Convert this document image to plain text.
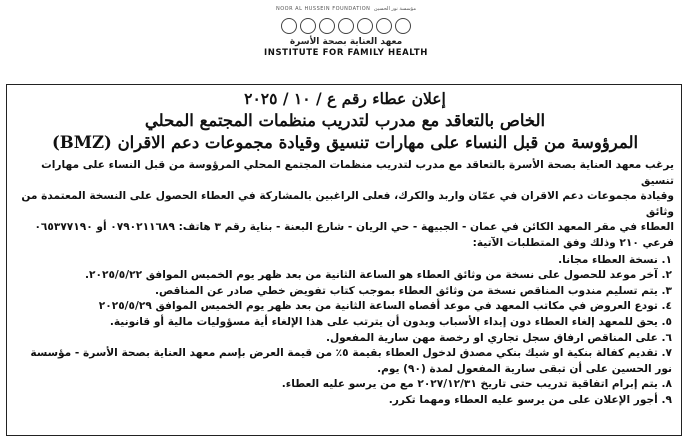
NOOR AL HUSSEIN FOUNDATION مؤسسة نور الحسين
معهد العناية بصحة الأسرة
INSTITUTE FOR FAMILY HEALTH
إعلان عطاء رقم ع / ١٠ / ٢٠٢٥
الخاص بالتعاقد مع مدرب لتدريب منظمات المجتمع المحلي
المرؤوسة من قبل النساء على مهارات تنسيق وقيادة مجموعات دعم الاقران (BMZ)

يرغب معهد العناية بصحة الأسرة بالتعاقد مع مدرب لتدريب منظمات المجتمع المحلي المرؤوسة من قبل النساء على مهارات تنسيق

وقيادة مجموعات دعم الاقران في عمّان واربد والكرك، فعلى الراغبين بالمشاركة في العطاء الحصول على النسخة المعتمدة من وثائق

العطاء في مقر المعهد الكائن في عمان - الجبيهة - حي الريان - شارع البعنة - بناية رقم ٣ هاتف: ٠٧٩٠٢١١٦٨٩ أو ٠٦٥٣٧٧١٩٠

فرعي ٢١٠ وذلك وفق المتطلبات الآتية:

١. نسخة العطاء مجانا.
٢. آخر موعد للحصول على نسخة من وثائق العطاء هو الساعة الثانية من بعد ظهر يوم الخميس الموافق ٢٠٢٥/٥/٢٢.
٣. يتم تسليم مندوب المناقص نسخة من وثائق العطاء بموجب كتاب تفويض خطي صادر عن المناقص.
٤. تودع العروض في مكاتب المعهد في موعد أقصاه الساعة الثانية من بعد ظهر يوم الخميس الموافق ٢٠٢٥/٥/٢٩
٥. يحق للمعهد إلغاء العطاء دون إبداء الأسباب وبدون أن يترتب على هذا الإلغاء أية مسؤوليات مالية أو قانونية.
٦. على المناقص ارفاق سجل تجاري او رخصة مهن سارية المفعول.
٧. تقديم كفالة بنكية او شيك بنكي مصدق لدخول العطاء بقيمة ٥٪ من قيمة العرض بإسم معهد العناية بصحة الأسرة - مؤسسة نور الحسين على أن تبقى سارية المفعول لمدة (٩٠) يوم.
٨. يتم إبرام اتفاقية تدريب حتى تاريخ ٢٠٢٧/١٢/٣١ مع من يرسو عليه العطاء.
٩. أجور الإعلان على من يرسو عليه العطاء ومهما تكرر.
